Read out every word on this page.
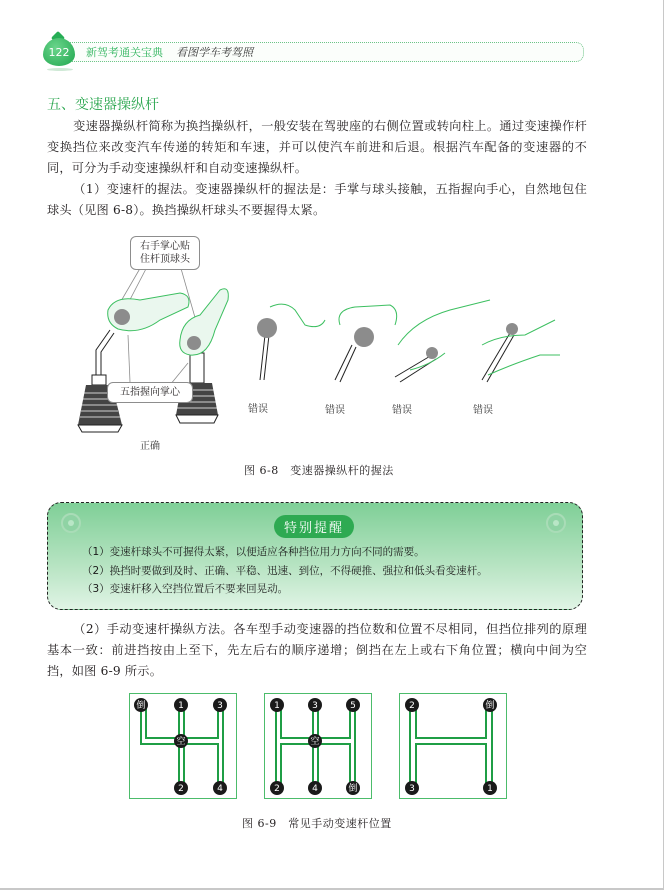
122	新驾考通关宝典 看图学车考驾照
五、变速器操纵杆
变速器操纵杆简称为换挡操纵杆，一般安装在驾驶座的右侧位置或转向柱上。通过变速操作杆变换挡位来改变汽车传递的转矩和车速，并可以使汽车前进和后退。根据汽车配备的变速器的不同，可分为手动变速操纵杆和自动变速操纵杆。
（1）变速杆的握法。变速器操纵杆的握法是：手掌与球头接触，五指握向手心，自然地包住球头（见图 6-8）。换挡操纵杆球头不要握得太紧。
右手掌心贴住杆顶球头
五指握向掌心
正确
错误	错误	错误	错误
图 6-8　变速器操纵杆的握法
特别提醒
（1）变速杆球头不可握得太紧，以便适应各种挡位用力方向不同的需要。
（2）换挡时要做到及时、正确、平稳、迅速、到位，不得硬推、强拉和低头看变速杆。
（3）变速杆移入空挡位置后不要来回晃动。
（2）手动变速杆操纵方法。各车型手动变速器的挡位数和位置不尽相同，但挡位排列的原理基本一致：前进挡按由上至下，先左后右的顺序递增；倒挡在左上或右下角位置；横向中间为空挡，如图 6-9 所示。
倒	1	3
空
2	4
1	3	5
空
2	4	倒
2	倒
3	1
图 6-9　常见手动变速杆位置
